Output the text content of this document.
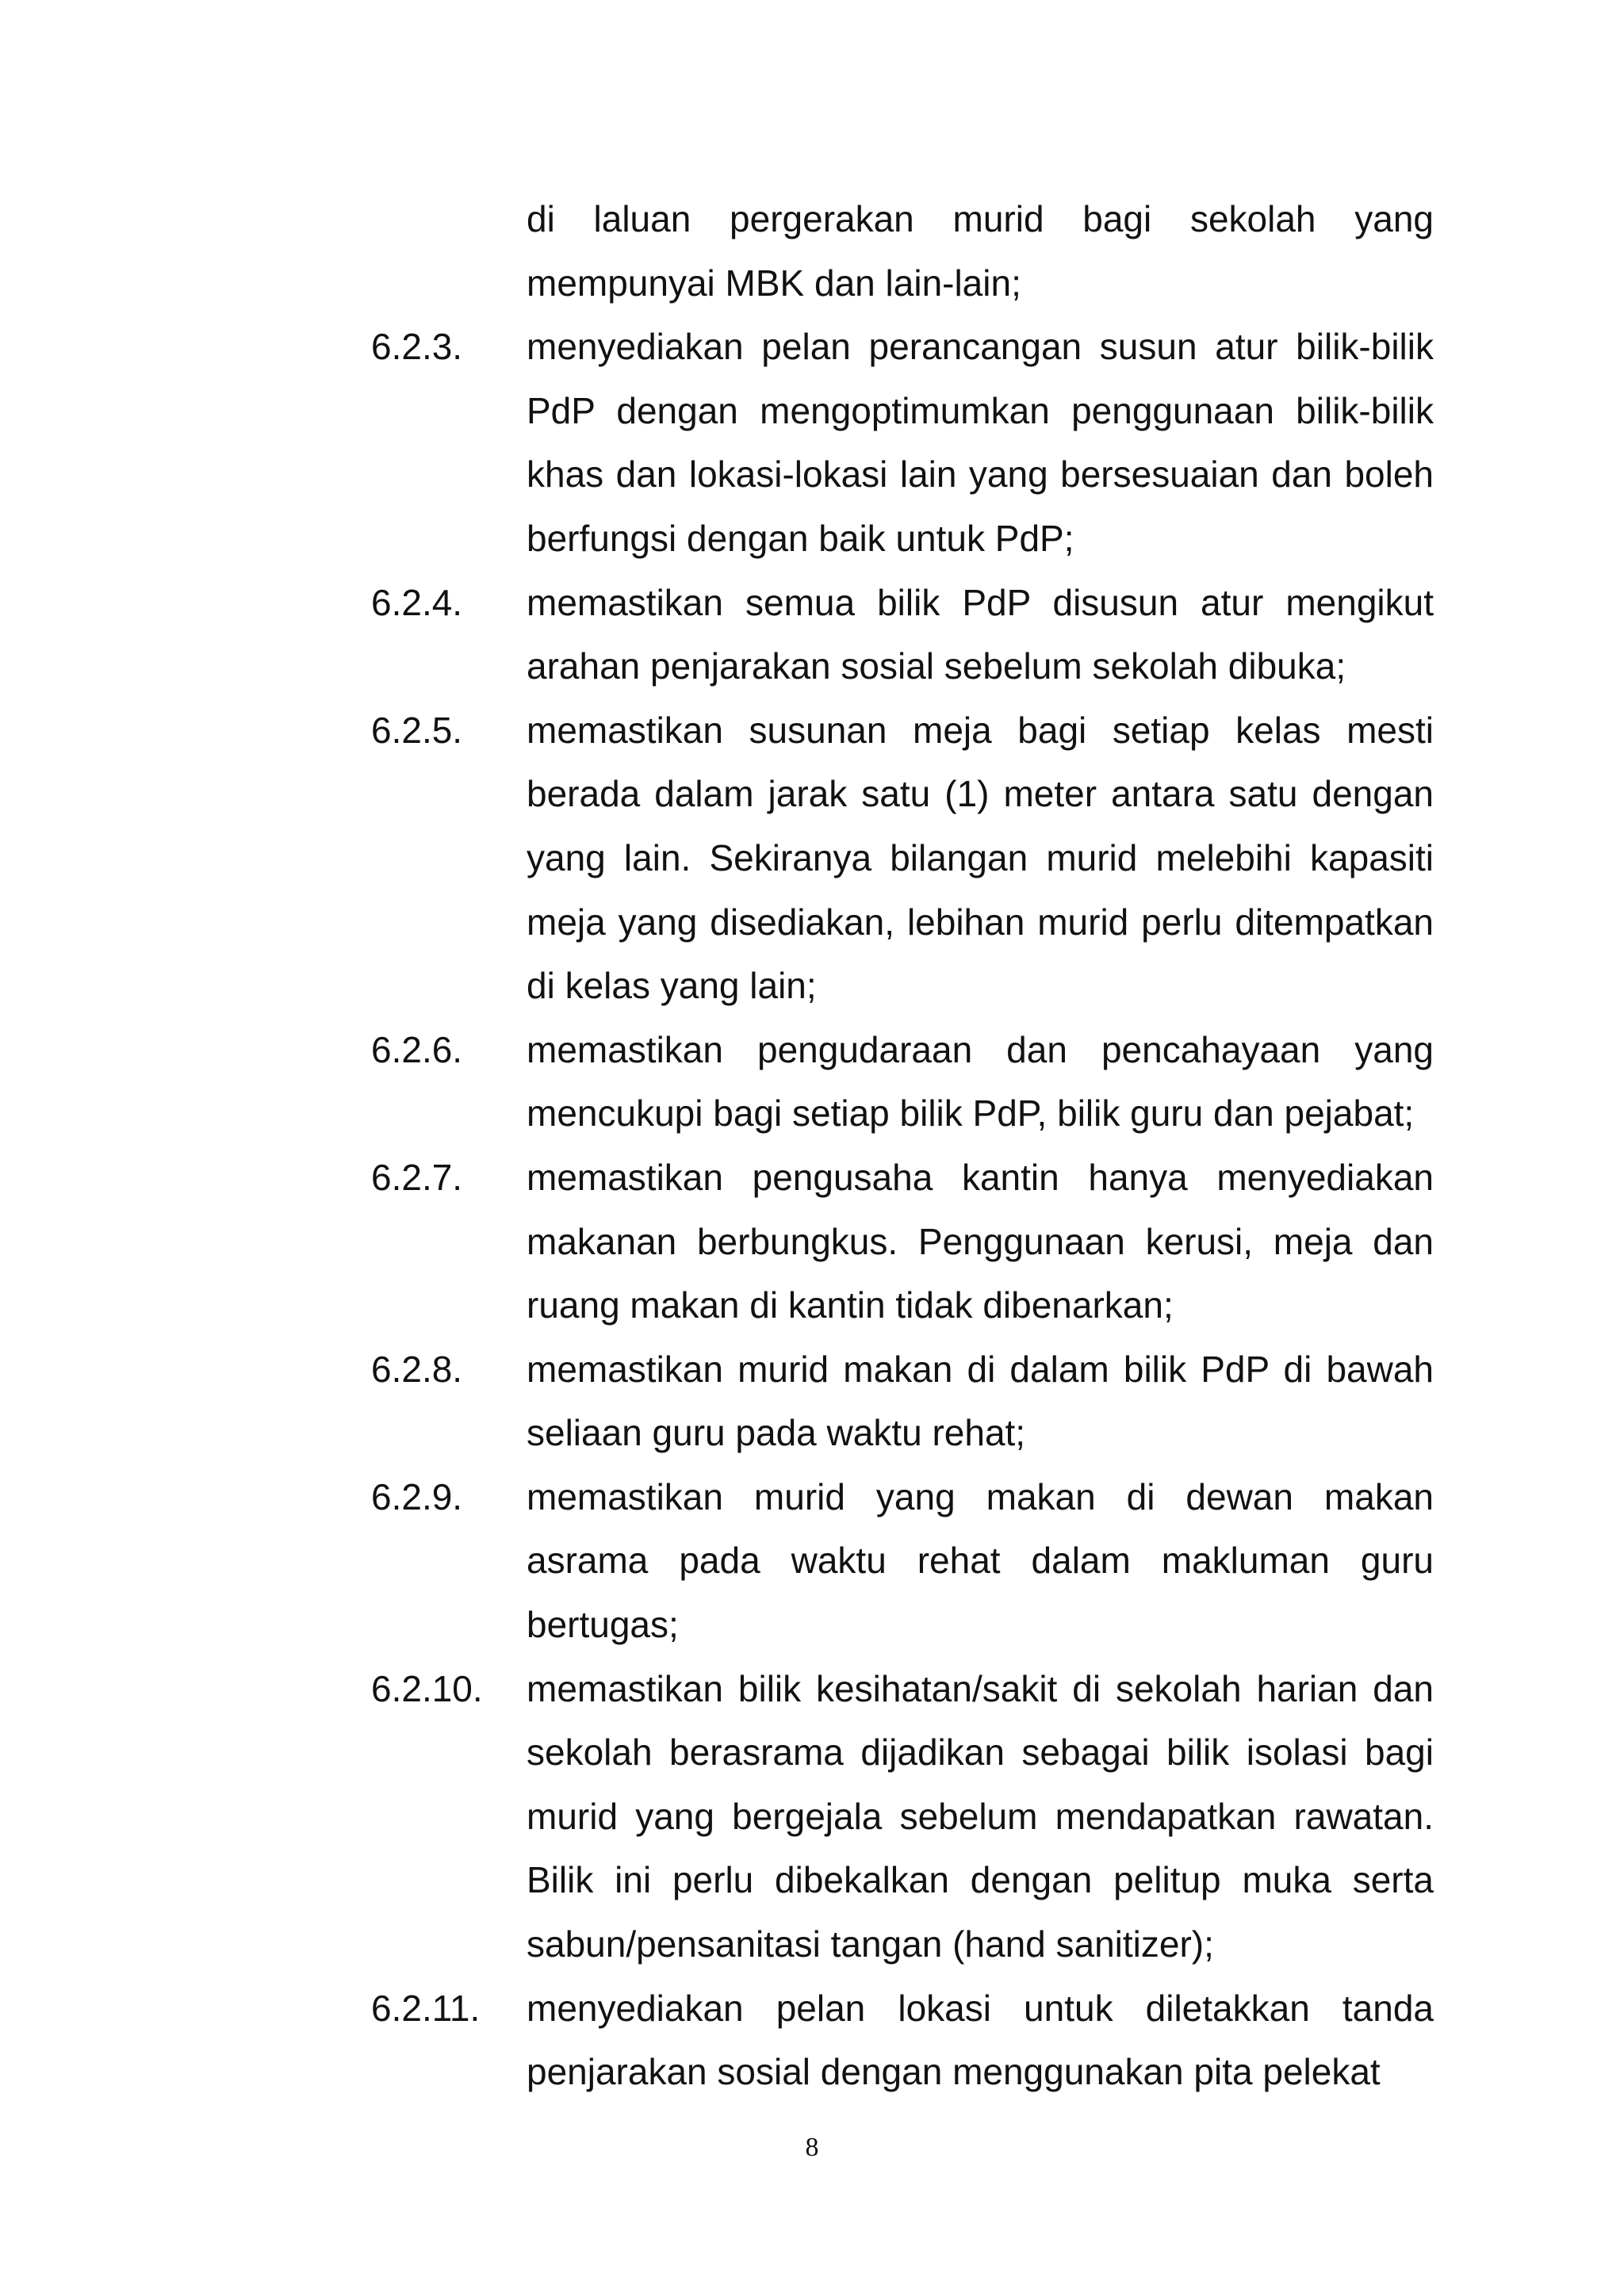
di laluan pergerakan murid bagi sekolah yang mempunyai MBK dan lain-lain;
6.2.3.	menyediakan pelan perancangan susun atur bilik-bilik PdP dengan mengoptimumkan penggunaan bilik-bilik khas dan lokasi-lokasi lain yang bersesuaian dan boleh berfungsi dengan baik untuk PdP;
6.2.4.	memastikan semua bilik PdP disusun atur mengikut arahan penjarakan sosial sebelum sekolah dibuka;
6.2.5.	memastikan susunan meja bagi setiap kelas mesti berada dalam jarak satu (1) meter antara satu dengan yang lain. Sekiranya bilangan murid melebihi kapasiti meja yang disediakan, lebihan murid perlu ditempatkan di kelas yang lain;
6.2.6.	memastikan pengudaraan dan pencahayaan yang mencukupi bagi setiap bilik PdP, bilik guru dan pejabat;
6.2.7.	memastikan pengusaha kantin hanya menyediakan makanan berbungkus. Penggunaan kerusi, meja dan ruang makan di kantin tidak dibenarkan;
6.2.8.	memastikan murid makan di dalam bilik PdP di bawah seliaan guru pada waktu rehat;
6.2.9.	memastikan murid yang makan di dewan makan asrama pada waktu rehat dalam makluman guru bertugas;
6.2.10.	memastikan bilik kesihatan/sakit di sekolah harian dan sekolah berasrama dijadikan sebagai bilik isolasi bagi murid yang bergejala sebelum mendapatkan rawatan. Bilik ini perlu dibekalkan dengan pelitup muka serta sabun/pensanitasi tangan (hand sanitizer);
6.2.11.	menyediakan pelan lokasi untuk diletakkan tanda penjarakan sosial dengan menggunakan pita pelekat
8
